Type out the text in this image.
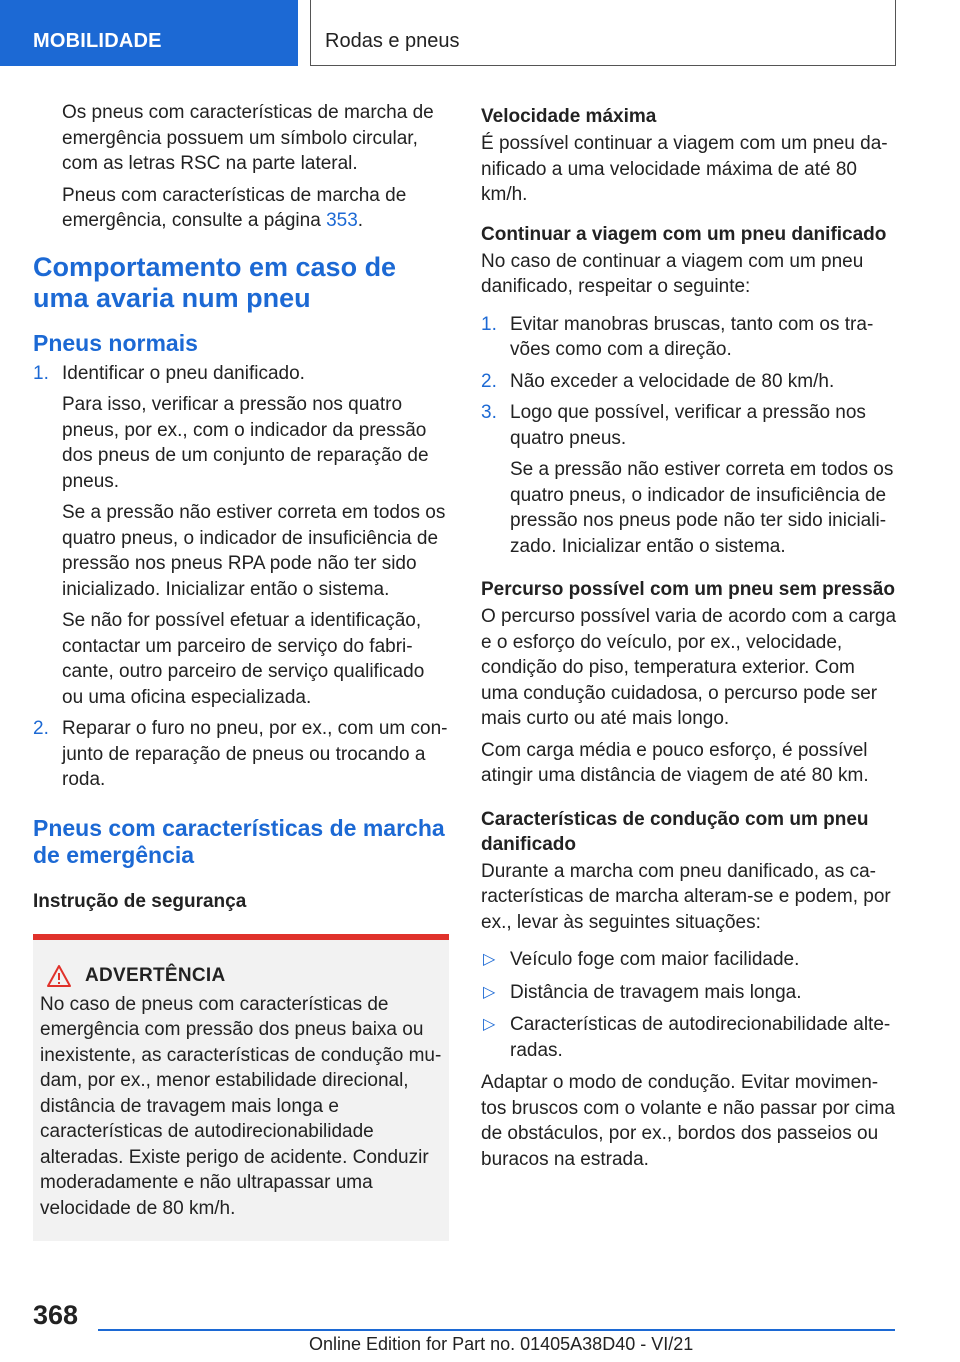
MOBILIDADE	Rodas e pneus

Os pneus com características de marcha de emergência possuem um símbolo circular, com as letras RSC na parte lateral.

Pneus com características de marcha de emergência, consulte a página 353.

Comportamento em caso de uma avaria num pneu
Pneus normais
1. Identificar o pneu danificado.
Para isso, verificar a pressão nos quatro pneus, por ex., com o indicador da pressão dos pneus de um conjunto de reparação de pneus.
Se a pressão não estiver correta em todos os quatro pneus, o indicador de insuficiência de pressão nos pneus RPA pode não ter sido inicializado. Inicializar então o sistema.
Se não for possível efetuar a identificação, contactar um parceiro de serviço do fabricante, outro parceiro de serviço qualificado ou uma oficina especializada.
2. Reparar o furo no pneu, por ex., com um conjunto de reparação de pneus ou trocando a roda.
Pneus com características de marcha de emergência
Instrução de segurança
ADVERTÊNCIA

No caso de pneus com características de emergência com pressão dos pneus baixa ou inexistente, as características de condução mudam, por ex., menor estabilidade direcional, distância de travagem mais longa e características de autodirecionabilidade alteradas. Existe perigo de acidente. Conduzir moderadamente e não ultrapassar uma velocidade de 80 km/h.

Velocidade máxima

É possível continuar a viagem com um pneu danificado a uma velocidade máxima de até 80 km/h.

Continuar a viagem com um pneu danificado

No caso de continuar a viagem com um pneu danificado, respeitar o seguinte:

1. Evitar manobras bruscas, tanto com os travões como com a direção.
2. Não exceder a velocidade de 80 km/h.
3. Logo que possível, verificar a pressão nos quatro pneus.
Se a pressão não estiver correta em todos os quatro pneus, o indicador de insuficiência de pressão nos pneus pode não ter sido inicializado. Inicializar então o sistema.
Percurso possível com um pneu sem pressão

O percurso possível varia de acordo com a carga e o esforço do veículo, por ex., velocidade, condição do piso, temperatura exterior. Com uma condução cuidadosa, o percurso pode ser mais curto ou até mais longo.

Com carga média e pouco esforço, é possível atingir uma distância de viagem de até 80 km.

Características de condução com um pneu danificado

Durante a marcha com pneu danificado, as características de marcha alteram-se e podem, por ex., levar às seguintes situações:

▷ Veículo foge com maior facilidade.
▷ Distância de travagem mais longa.
▷ Características de autodirecionabilidade alteradas.

Adaptar o modo de condução. Evitar movimentos bruscos com o volante e não passar por cima de obstáculos, por ex., bordos dos passeios ou buracos na estrada.

368
Online Edition for Part no. 01405A38D40 - VI/21
